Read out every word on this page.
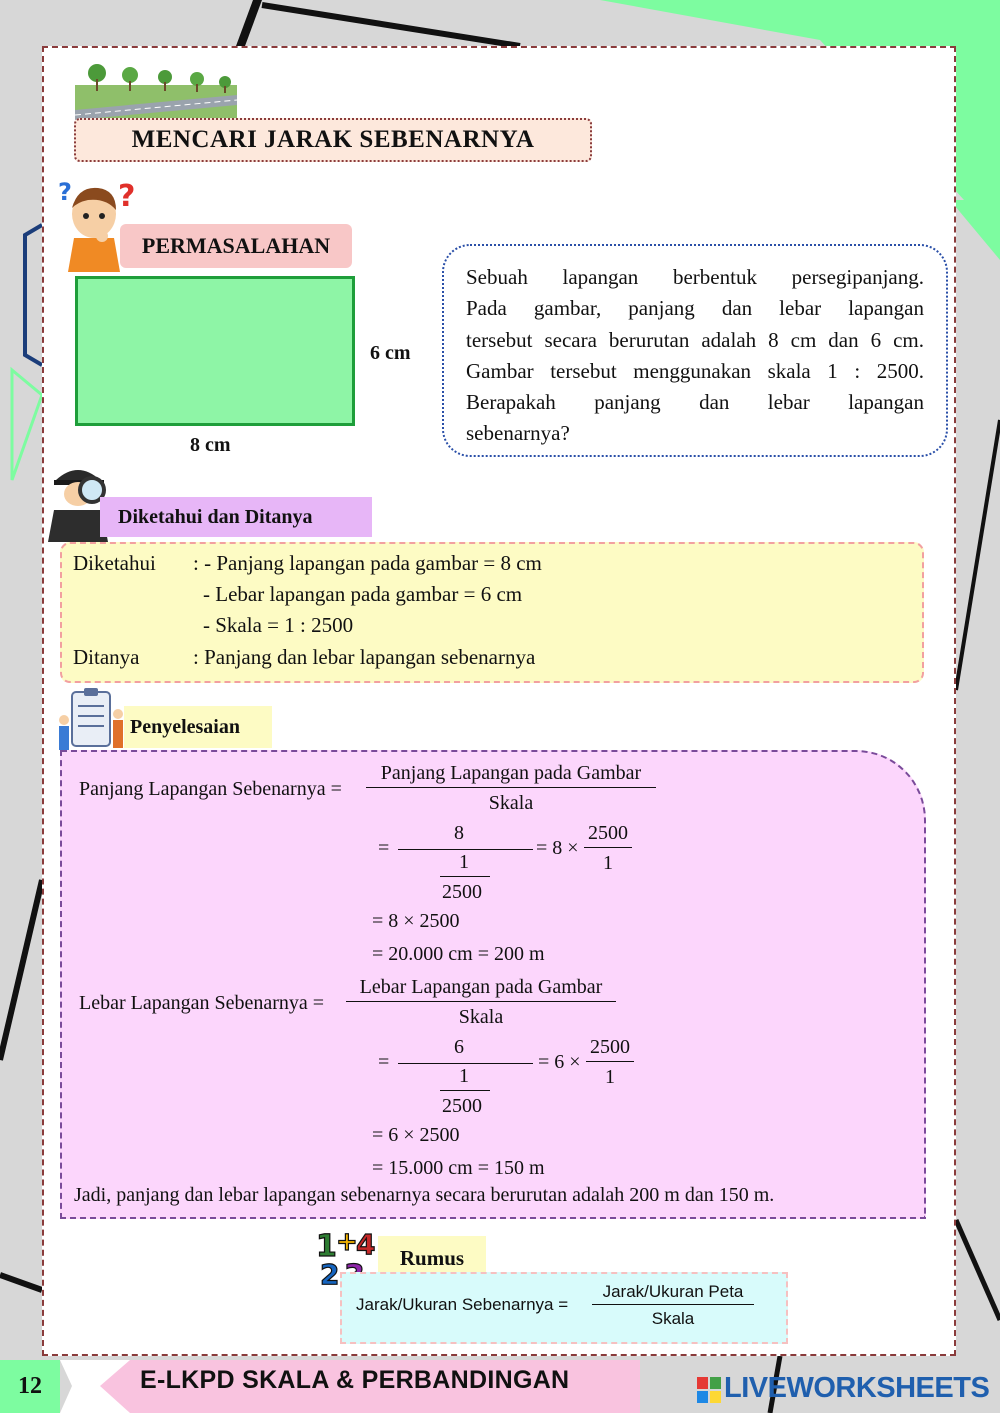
MENCARI JARAK SEBENARNYA
? ?
PERMASALAHAN
6 cm
8 cm
Sebuah lapangan berbentuk persegipanjang.
Pada gambar, panjang dan lebar lapangan
tersebut secara berurutan adalah 8 cm dan 6 cm.
Gambar tersebut menggunakan skala 1 : 2500.
Berapakah panjang dan lebar lapangan
sebenarnya?
Diketahui dan Ditanya
Diketahui : - Panjang lapangan pada gambar = 8 cm
- Lebar lapangan pada gambar = 6 cm
- Skala = 1 : 2500
Ditanya	: Panjang dan lebar lapangan sebenarnya
Penyelesaian
Panjang Lapangan Sebenarnya =
Panjang Lapangan pada Gambar
Skala
=
8
1
2500
= $8 \times \frac{2500}{1}$
= 8 × 2500
= 20.000 cm = 200 m
Lebar Lapangan Sebenarnya =
Lebar Lapangan pada Gambar
Skala
=
6
1
2500
= $6 \times \frac{2500}{1}$
= 6 × 2500
= 15.000 cm = 150 m
Jadi, panjang dan lebar lapangan sebenarnya secara berurutan adalah 200 m dan 150 m.
1 +
4
2	Rumus
Jarak/Ukuran Sebenarnya =
Jarak/Ukuran Peta
Skala
12	E-LKPD SKALA & PERBANDINGAN	LIVEWORKSHEETS
